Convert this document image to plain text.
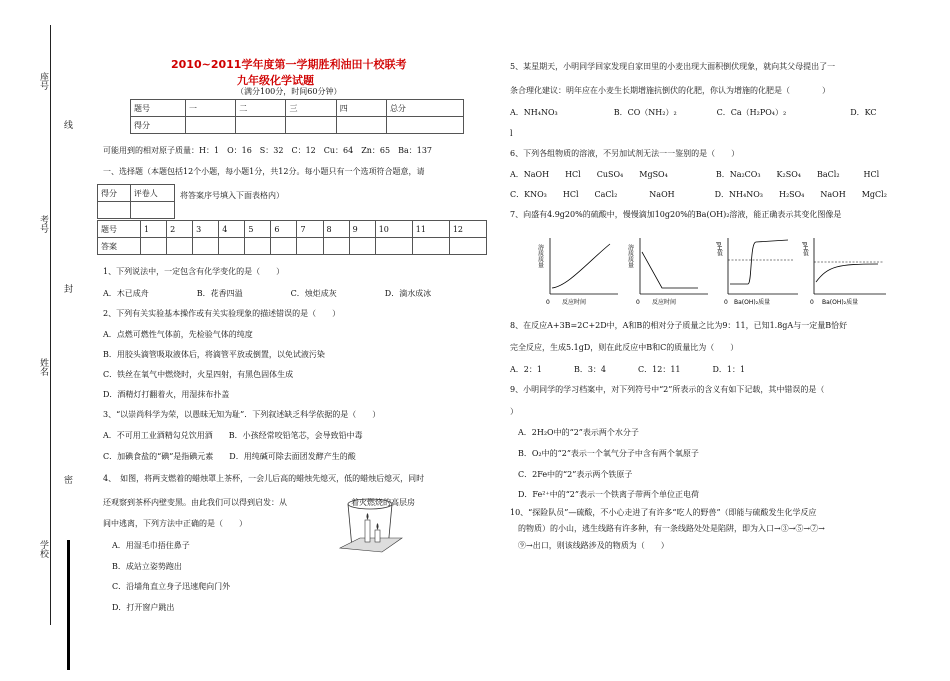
座号
线
考号
封
姓名
密
学校
2010~2011学年度第一学期胜利油田十校联考
九年级化学试题
（满分100分，时间60分钟）
题号	一	二	三	四	总分
得分					
可能用到的相对原子质量：H：1　O：16　S：32　C：12　Cu：64　Zn：65　Ba：137
一、选择题（本题包括12个小题，每小题1分，共12分。每小题只有一个选项符合题意，请
得分	评卷人
		将答案序号填入下面表格内）
题号	1	2	3	4	5	6	7	8	9	10	11	12
答案												
1、下列说法中，一定包含有化学变化的是（　　）
A．木已成舟　　　　　　B．花香四溢　　　　　　C．烛炬成灰　　　　　　D．滴水成冰
2、下列有关实验基本操作或有关实验现象的描述错误的是（　　）
A．点燃可燃性气体前，先检验气体的纯度
B．用胶头滴管吸取液体后，将滴管平放或倒置，以免试液污染
C．铁丝在氧气中燃烧时，火星四射，有黑色固体生成
D．酒精灯打翻着火，用湿抹布扑盖
3、“以崇尚科学为荣，以愚昧无知为耻”．下列叙述缺乏科学依据的是（　　）
A．不可用工业酒精勾兑饮用酒　　B．小孩经常咬铅笔芯，会导致铅中毒
C．加碘食盐的“碘”是指碘元素　　D．用纯碱可除去面团发酵产生的酸
4、　如图，将两支燃着的蜡烛罩上茶杯，一会儿后高的蜡烛先熄灭，低的蜡烛后熄灭，同时
还观察到茶杯内壁变黑。由此我们可以得到启发：从　　　　　　　　着火燃烧的高层房
间中逃离，下列方法中正确的是（　　）
A．用湿毛巾捂住鼻子
B．成站立姿势跑出
C．沿墙角直立身子迅速爬向门外
D．打开窗户跳出
5、某星期天，小明同学回家发现自家田里的小麦出现大面积倒伏现象，就向其父母提出了一
条合理化建议：明年应在小麦生长期增施抗倒伏的化肥，你认为增施的化肥是（　　　　）
A．NH₄NO₃　　　　　　　B．CO（NH₂）₂　　　　　C．Ca（H₂PO₄）₂　　　　　　　　D．KC
l
6、下列各组物质的溶液，不另加试剂无法一一鉴别的是（　　）
A．NaOH　　HCl　　CuSO₄　　MgSO₄　　　　　　B．Na₂CO₃　　K₂SO₄　　BaCl₂　　　HCl
C．KNO₃　　HCl　　CaCl₂　　　　NaOH　　　　　D．NH₄NO₃　　H₂SO₄　　NaOH　　MgCl₂
7、向盛有4.9g20%的硫酸中，慢慢滴加10g20%的Ba(OH)₂溶液，能正确表示其变化图像是
溶质质量
反应时间
0
溶质质量
反应时间
0
pH值
Ba(OH)₂质量
0
pH值
Ba(OH)₂质量
0
8、在反应A+3B=2C+2D中，A和B的相对分子质量之比为9：11，已知1.8gA与一定量B恰好
完全反应，生成5.1gD，则在此反应中B和C的质量比为（　　）
A．2：1　　　　B．3：4　　　　C．12：11　　　　D．1：1
9、小明同学的学习档案中，对下列符号中“2”所表示的含义有如下记载，其中错误的是（
）
A．2H₂O中的“2”表示两个水分子
B．O₂中的“2”表示一个氧气分子中含有两个氧原子
C．2Fe中的“2”表示两个铁原子
D．Fe²⁺中的“2”表示一个铁离子带两个单位正电荷
10、“探险队员”—硫酸，不小心走进了有许多“吃人的野兽”（即能与硫酸发生化学反应
的物质）的小山，逃生线路有许多种，有一条线路处处是陷阱，即为入口→③→⑤→⑦→
⑨→出口，则该线路涉及的物质为（　　）
